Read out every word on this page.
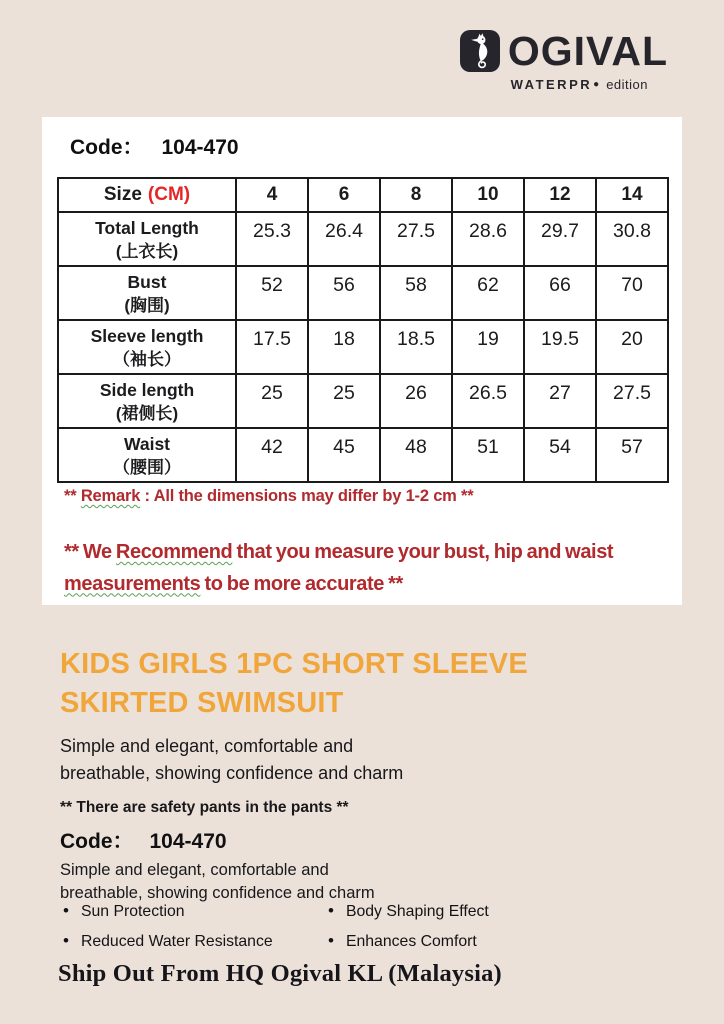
OGIVAL
WATERPR ● edition
Code： 104-470
Size (CM)	4	6	8	10	12	14

Total Length
(上衣长)	25.3	26.4	27.5	28.6	29.7	30.8

Bust
(胸围)	52	56	58	62	66	70

Sleeve length
（袖长）	17.5	18	18.5	19	19.5	20

Side length
(裙侧长)	25	25	26	26.5	27	27.5

Waist
（腰围）	42	45	48	51	54	57

** Remark : All the dimensions may differ by 1-2 cm **

** We Recommend that you measure your bust, hip and waist measurements to be more accurate **

KIDS GIRLS 1PC SHORT SLEEVE
SKIRTED SWIMSUIT

Simple and elegant, comfortable and breathable, showing confidence and charm

** There are safety pants in the pants **

Code： 104-470

Simple and elegant, comfortable and breathable, showing confidence and charm

• Sun Protection
• Reduced Water Resistance
• Body Shaping Effect
• Enhances Comfort
Ship Out From HQ Ogival KL (Malaysia)
